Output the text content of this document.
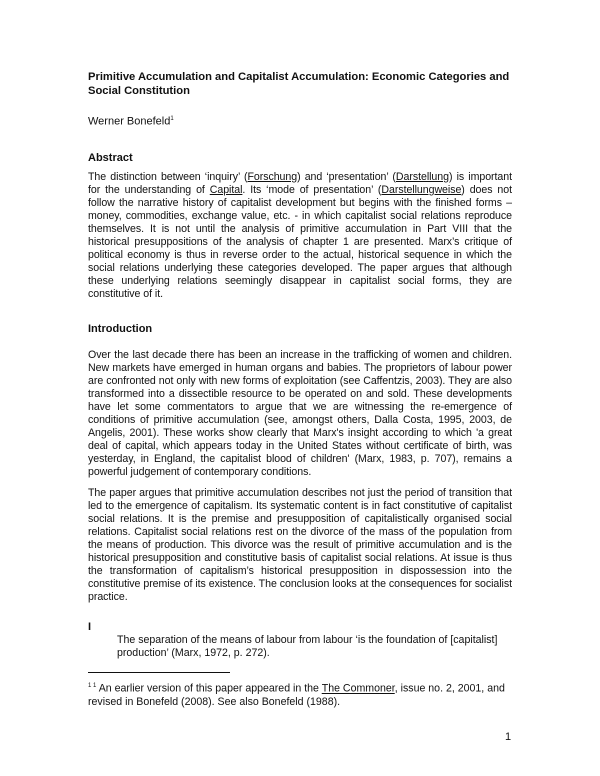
Primitive Accumulation and Capitalist Accumulation: Economic Categories and Social Constitution
Werner Bonefeld$^1$
Abstract
The distinction between ‘inquiry’ (Forschung) and ‘presentation’ (Darstellung) is important for the understanding of Capital. Its ‘mode of presentation’ (Darstellungweise) does not follow the narrative history of capitalist development but begins with the finished forms – money, commodities, exchange value, etc. - in which capitalist social relations reproduce themselves. It is not until the analysis of primitive accumulation in Part VIII that the historical presuppositions of the analysis of chapter 1 are presented. Marx’s critique of political economy is thus in reverse order to the actual, historical sequence in which the social relations underlying these categories developed. The paper argues that although these underlying relations seemingly disappear in capitalist social forms, they are constitutive of it.
Introduction
Over the last decade there has been an increase in the trafficking of women and children. New markets have emerged in human organs and babies. The proprietors of labour power are confronted not only with new forms of exploitation (see Caffentzis, 2003). They are also transformed into a dissectible resource to be operated on and sold. These developments have let some commentators to argue that we are witnessing the re-emergence of conditions of primitive accumulation (see, amongst others, Dalla Costa, 1995, 2003, de Angelis, 2001). These works show clearly that Marx's insight according to which 'a great deal of capital, which appears today in the United States without certificate of birth, was yesterday, in England, the capitalist blood of children' (Marx, 1983, p. 707), remains a powerful judgement of contemporary conditions.
The paper argues that primitive accumulation describes not just the period of transition that led to the emergence of capitalism. Its systematic content is in fact constitutive of capitalist social relations. It is the premise and presupposition of capitalistically organised social relations. Capitalist social relations rest on the divorce of the mass of the population from the means of production. This divorce was the result of primitive accumulation and is the historical presupposition and constitutive basis of capitalist social relations. At issue is thus the transformation of capitalism’s historical presupposition in dispossession into the constitutive premise of its existence. The conclusion looks at the consequences for socialist practice.
I
The separation of the means of labour from labour ‘is the foundation of [capitalist] production’ (Marx, 1972, p. 272).
$^{1 1}$ An earlier version of this paper appeared in the The Commoner, issue no. 2, 2001, and revised in Bonefeld (2008). See also Bonefeld (1988).
1
